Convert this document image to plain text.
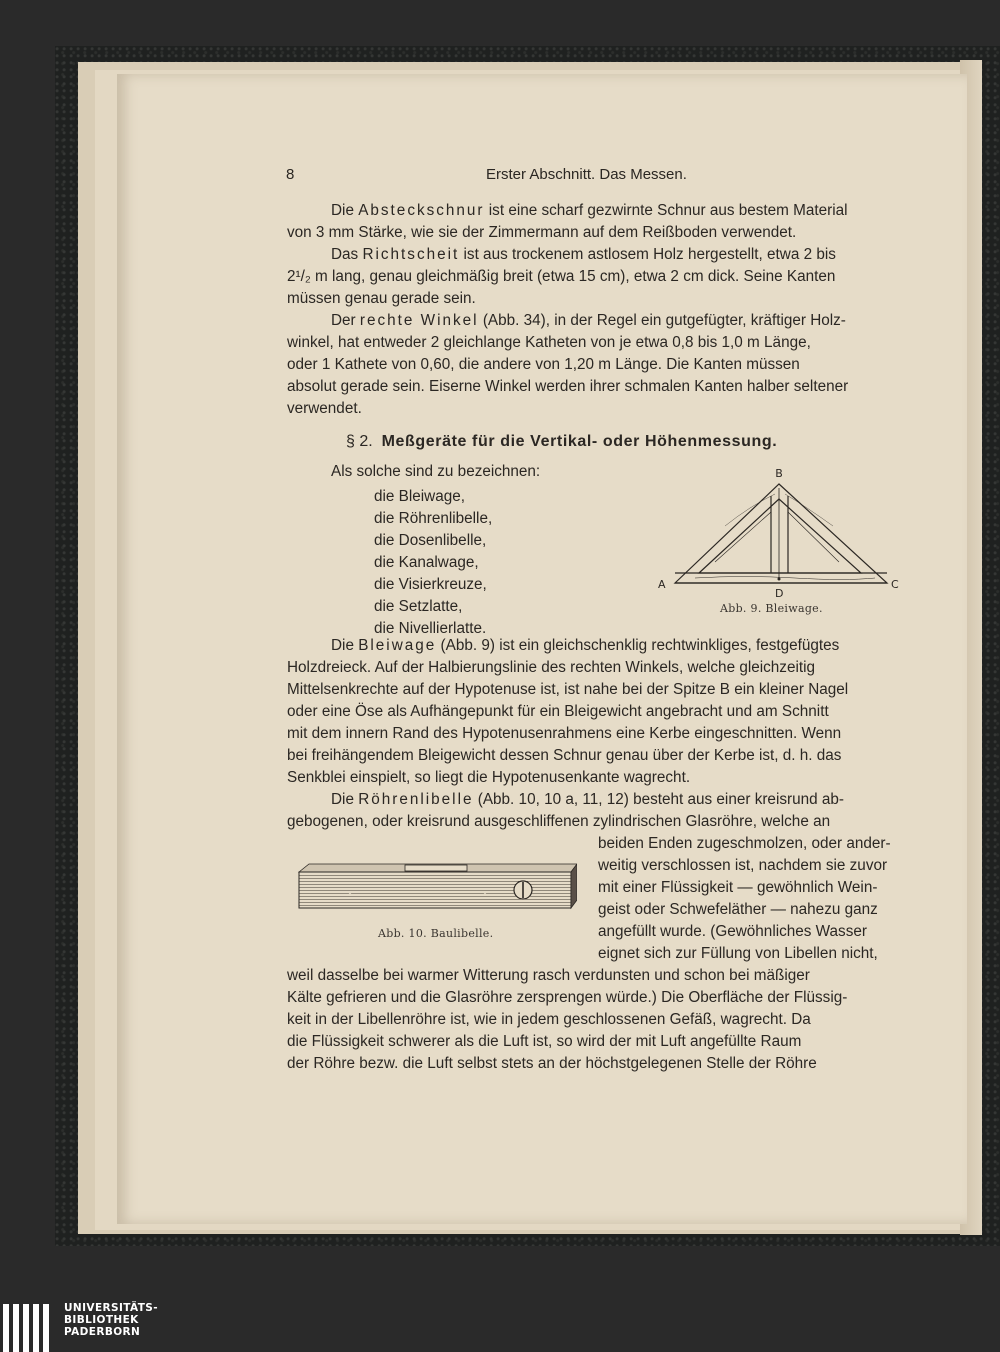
8	Erster Abschnitt. Das Messen.
Die Absteckschnur ist eine scharf gezwirnte Schnur aus bestem Material
von 3 mm Stärke, wie sie der Zimmermann auf dem Reißboden verwendet.
Das Richtscheit ist aus trockenem astlosem Holz hergestellt, etwa 2 bis
2¹/₂ m lang, genau gleichmäßig breit (etwa 15 cm), etwa 2 cm dick. Seine Kanten
müssen genau gerade sein.
Der rechte Winkel (Abb. 34), in der Regel ein gutgefügter, kräftiger Holz-
winkel, hat entweder 2 gleichlange Katheten von je etwa 0,8 bis 1,0 m Länge,
oder 1 Kathete von 0,60, die andere von 1,20 m Länge. Die Kanten müssen
absolut gerade sein. Eiserne Winkel werden ihrer schmalen Kanten halber seltener
verwendet.
§ 2. Meßgeräte für die Vertikal- oder Höhenmessung.
Als solche sind zu bezeichnen:
die Bleiwage,
die Röhrenlibelle,
die Dosenlibelle,
die Kanalwage,
die Visierkreuze,
die Setzlatte,
die Nivellierlatte.
B
A	C
D
Abb. 9. Bleiwage.
Die Bleiwage (Abb. 9) ist ein gleichschenklig rechtwinkliges, festgefügtes
Holzdreieck. Auf der Halbierungslinie des rechten Winkels, welche gleichzeitig
Mittelsenkrechte auf der Hypotenuse ist, ist nahe bei der Spitze B ein kleiner Nagel
oder eine Öse als Aufhängepunkt für ein Bleigewicht angebracht und am Schnitt
mit dem innern Rand des Hypotenusenrahmens eine Kerbe eingeschnitten. Wenn
bei freihängendem Bleigewicht dessen Schnur genau über der Kerbe ist, d. h. das
Senkblei einspielt, so liegt die Hypotenusenkante wagrecht.
Die Röhrenlibelle (Abb. 10, 10 a, 11, 12) besteht aus einer kreisrund ab-
gebogenen, oder kreisrund ausgeschliffenen zylindrischen Glasröhre, welche an
beiden Enden zugeschmolzen, oder ander-
weitig verschlossen ist, nachdem sie zuvor
mit einer Flüssigkeit — gewöhnlich Wein-
geist oder Schwefeläther — nahezu ganz
angefüllt wurde. (Gewöhnliches Wasser
eignet sich zur Füllung von Libellen nicht,
Abb. 10. Baulibelle.
weil dasselbe bei warmer Witterung rasch verdunsten und schon bei mäßiger
Kälte gefrieren und die Glasröhre zersprengen würde.) Die Oberfläche der Flüssig-
keit in der Libellenröhre ist, wie in jedem geschlossenen Gefäß, wagrecht. Da
die Flüssigkeit schwerer als die Luft ist, so wird der mit Luft angefüllte Raum
der Röhre bezw. die Luft selbst stets an der höchstgelegenen Stelle der Röhre
UNIVERSITÄTS-
BIBLIOTHEK
PADERBORN
